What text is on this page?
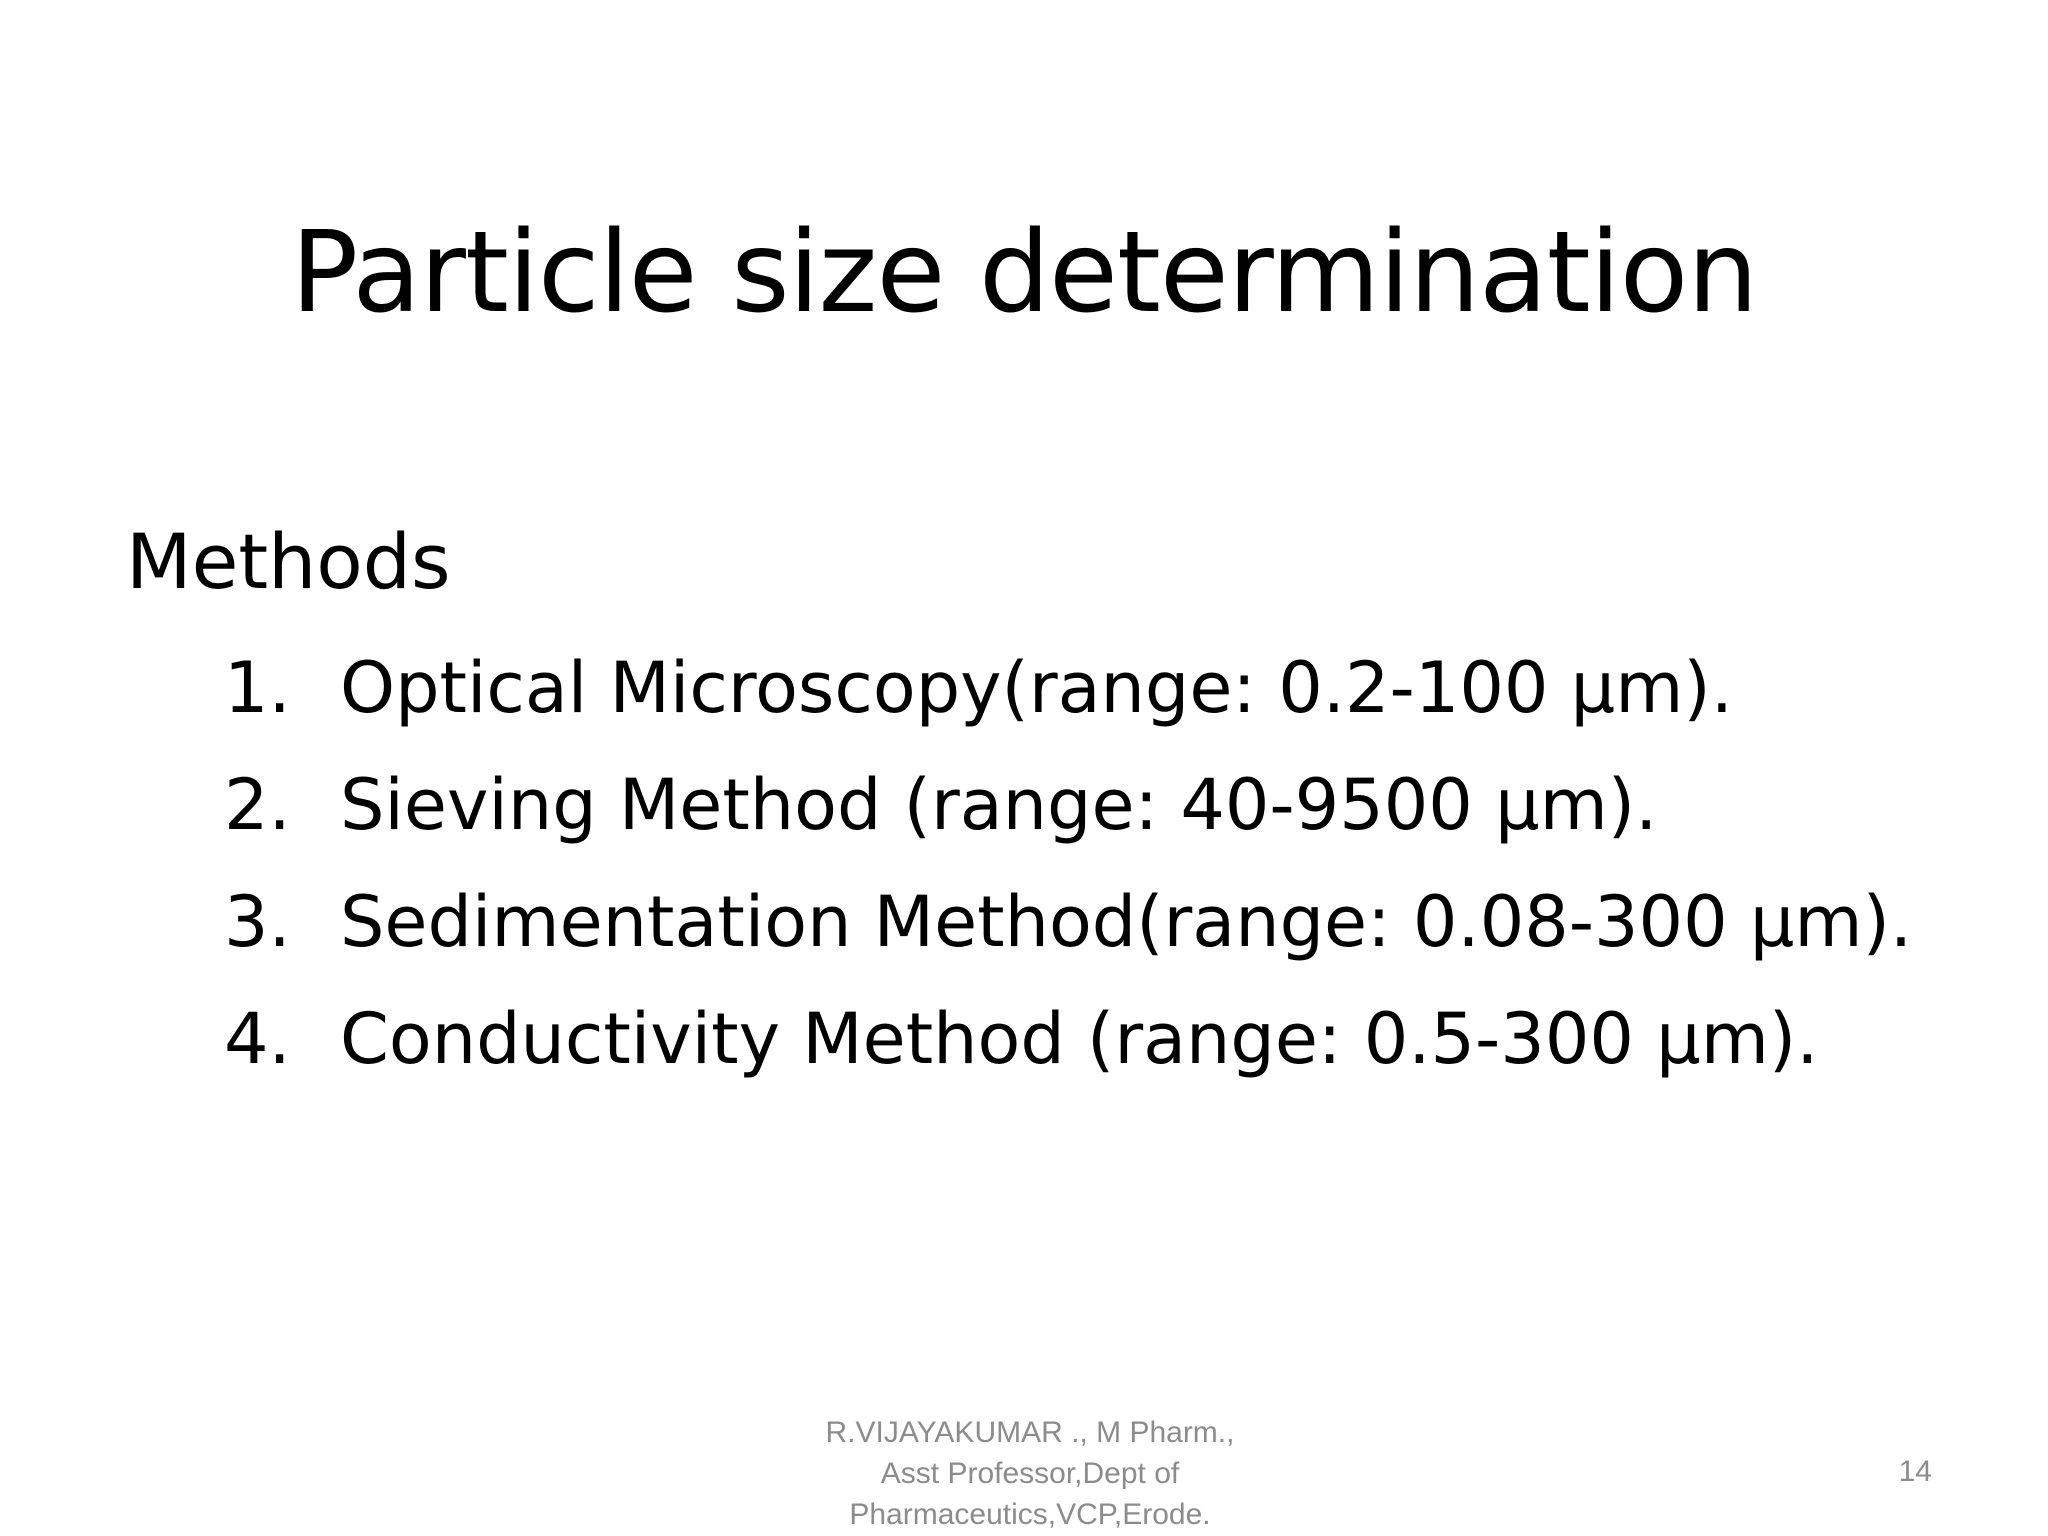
Particle size determination
Methods
1. Optical Microscopy(range: 0.2-100 μm).
2. Sieving Method (range: 40-9500 μm).
3. Sedimentation Method(range: 0.08-300 μm).
4. Conductivity Method (range: 0.5-300 μm).
R.VIJAYAKUMAR ., M Pharm.,
Asst Professor,Dept of
Pharmaceutics,VCP,Erode.
14
